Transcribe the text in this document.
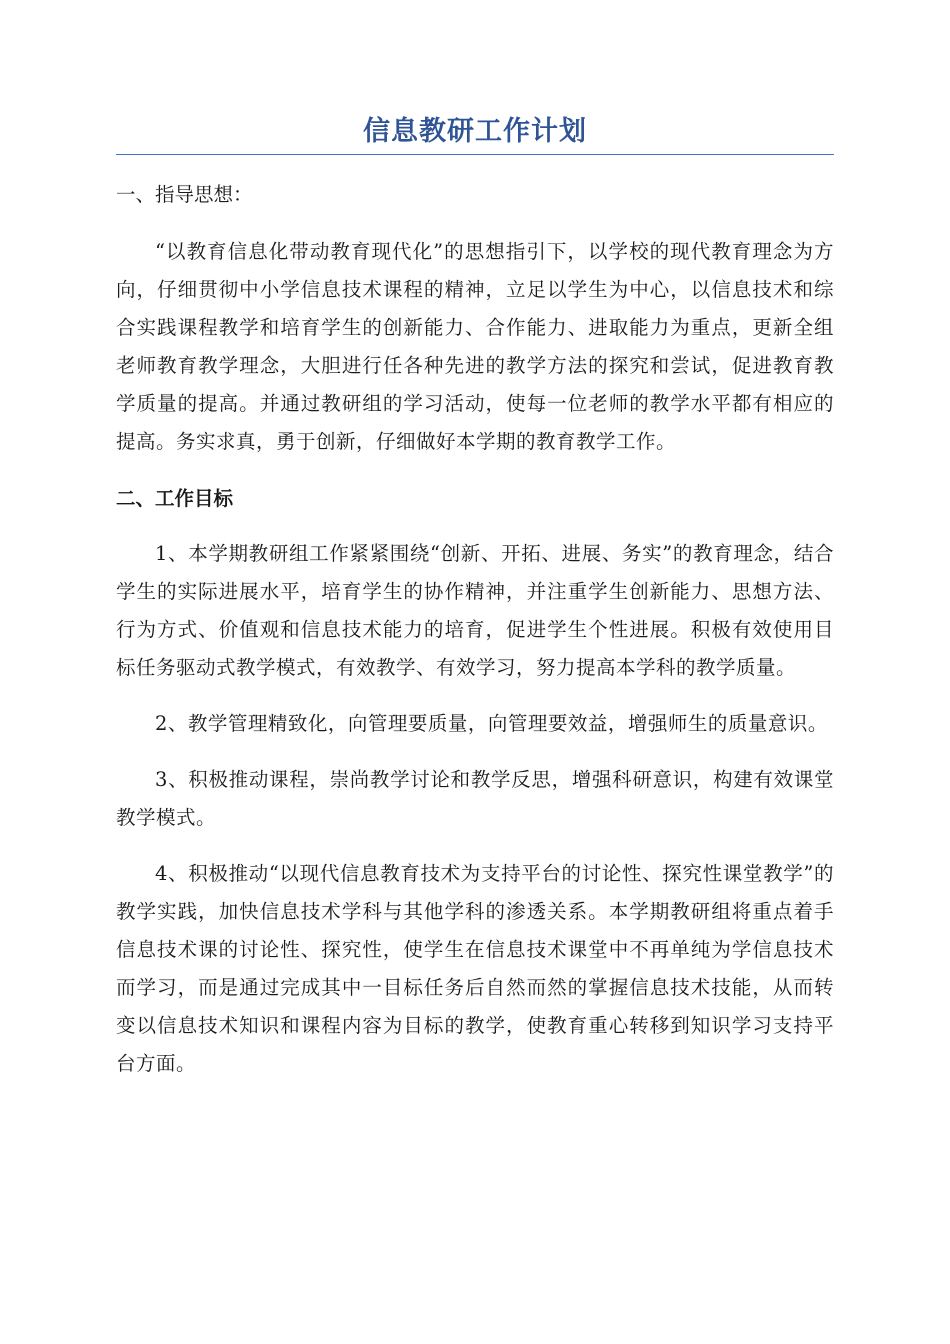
信息教研工作计划

一、指导思想：

“以教育信息化带动教育现代化”的思想指引下，以学校的现代教育理念为方向，仔细贯彻中小学信息技术课程的精神，立足以学生为中心，以信息技术和综合实践课程教学和培育学生的创新能力、合作能力、进取能力为重点，更新全组老师教育教学理念，大胆进行任各种先进的教学方法的探究和尝试，促进教育教学质量的提高。并通过教研组的学习活动，使每一位老师的教学水平都有相应的提高。务实求真，勇于创新，仔细做好本学期的教育教学工作。

二、工作目标

1、本学期教研组工作紧紧围绕“创新、开拓、进展、务实”的教育理念，结合学生的实际进展水平，培育学生的协作精神，并注重学生创新能力、思想方法、行为方式、价值观和信息技术能力的培育，促进学生个性进展。积极有效使用目标任务驱动式教学模式，有效教学、有效学习，努力提高本学科的教学质量。

2、教学管理精致化，向管理要质量，向管理要效益，增强师生的质量意识。

3、积极推动课程，崇尚教学讨论和教学反思，增强科研意识，构建有效课堂教学模式。

4、积极推动“以现代信息教育技术为支持平台的讨论性、探究性课堂教学”的教学实践，加快信息技术学科与其他学科的渗透关系。本学期教研组将重点着手信息技术课的讨论性、探究性，使学生在信息技术课堂中不再单纯为学信息技术而学习，而是通过完成其中一目标任务后自然而然的掌握信息技术技能，从而转变以信息技术知识和课程内容为目标的教学，使教育重心转移到知识学习支持平台方面。
